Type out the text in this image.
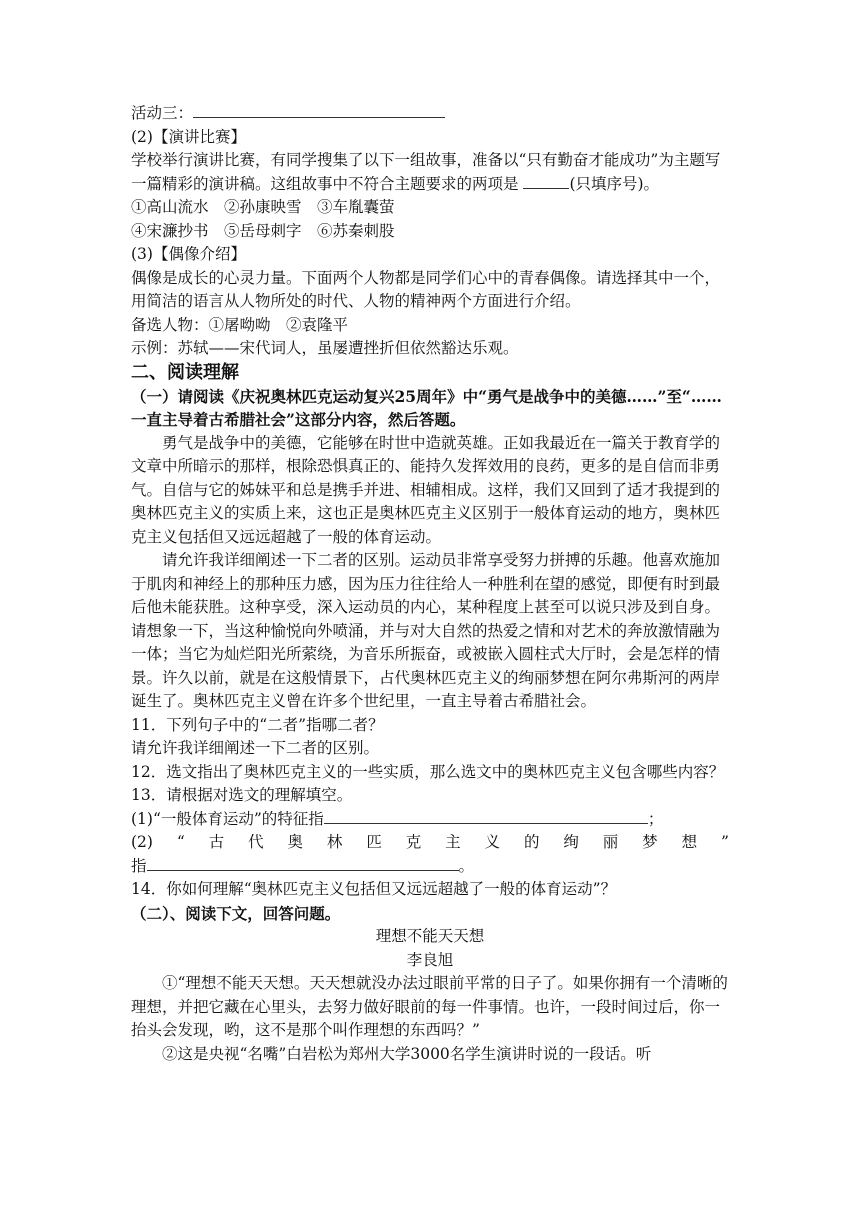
活动三：
(2)【演讲比赛】
学校举行演讲比赛，有同学搜集了以下一组故事，准备以“只有勤奋才能成功”为主题写一篇精彩的演讲稿。这组故事中不符合主题要求的两项是	(只填序号)。
①高山流水　②孙康映雪　③车胤囊萤
④宋濂抄书　⑤岳母刺字　⑥苏秦刺股
(3)【偶像介绍】
偶像是成长的心灵力量。下面两个人物都是同学们心中的青春偶像。请选择其中一个，用简洁的语言从人物所处的时代、人物的精神两个方面进行介绍。
备选人物：①屠呦呦　②袁隆平
示例：苏轼——宋代词人，虽屡遭挫折但依然豁达乐观。
二、阅读理解
（一）请阅读《庆祝奥林匹克运动复兴25周年》中“勇气是战争中的美德……”至“……一直主导着古希腊社会”这部分内容，然后答题。
勇气是战争中的美德，它能够在时世中造就英雄。正如我最近在一篇关于教育学的文章中所暗示的那样，根除恐惧真正的、能持久发挥效用的良药，更多的是自信而非勇气。自信与它的姊妹平和总是携手并进、相辅相成。这样，我们又回到了适才我提到的奥林匹克主义的实质上来，这也正是奥林匹克主义区别于一般体育运动的地方，奥林匹克主义包括但又远远超越了一般的体育运动。
请允许我详细阐述一下二者的区别。运动员非常享受努力拼搏的乐趣。他喜欢施加于肌肉和神经上的那种压力感，因为压力往往给人一种胜利在望的感觉，即便有时到最后他未能获胜。这种享受，深入运动员的内心，某种程度上甚至可以说只涉及到自身。请想象一下，当这种愉悦向外喷涌，并与对大自然的热爱之情和对艺术的奔放激情融为一体；当它为灿烂阳光所萦绕，为音乐所振奋，或被嵌入圆柱式大厅时，会是怎样的情景。许久以前，就是在这般情景下，占代奥林匹克主义的绚丽梦想在阿尔弗斯河的两岸诞生了。奥林匹克主义曾在许多个世纪里，一直主导着古希腊社会。
11．下列句子中的“二者”指哪二者？
请允许我详细阐述一下二者的区别。
12．选文指出了奥林匹克主义的一些实质，那么选文中的奥林匹克主义包含哪些内容？
13．请根据对选文的理解填空。
(1)“一般体育运动”的特征指	；
(2) “ 古 代 奥 林 匹 克 主 义 的 绚 丽 梦 想 ”
指	。
14．你如何理解“奥林匹克主义包括但又远远超越了一般的体育运动”？
（二）、阅读下文，回答问题。
理想不能天天想
李良旭
①“理想不能天天想。天天想就没办法过眼前平常的日子了。如果你拥有一个清晰的理想，并把它藏在心里头，去努力做好眼前的每一件事情。也许，一段时间过后，你一抬头会发现，哟，这不是那个叫作理想的东西吗？”
②这是央视“名嘴”白岩松为郑州大学3000名学生演讲时说的一段话。听
